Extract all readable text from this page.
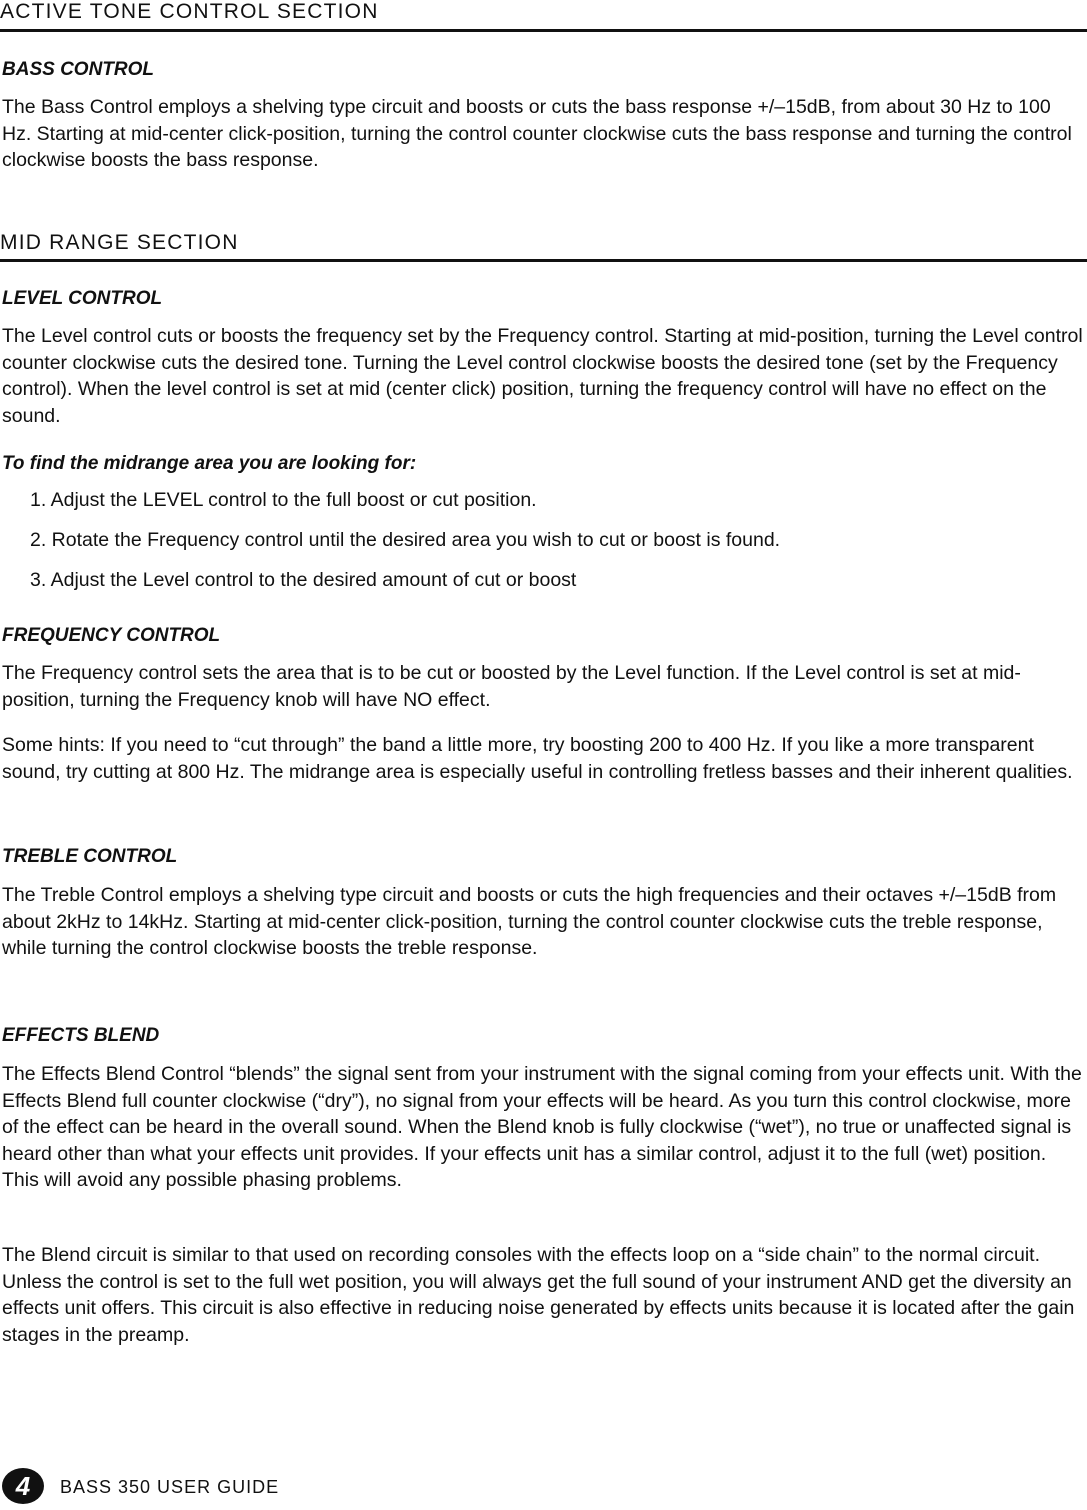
ACTIVE TONE CONTROL SECTION
BASS CONTROL

The Bass Control employs a shelving type circuit and boosts or cuts the bass response +/–15dB, from about 30 Hz to 100 Hz. Starting at mid-center click-position, turning the control counter clockwise cuts the bass response and turning the control clockwise boosts the bass response.

MID RANGE SECTION
LEVEL CONTROL

The Level control cuts or boosts the frequency set by the Frequency control. Starting at mid-position, turning the Level control counter clockwise cuts the desired tone. Turning the Level control clockwise boosts the desired tone (set by the Frequency control). When the level control is set at mid (center click) position, turning the frequency control will have no effect on the sound.

To find the midrange area you are looking for:
1. Adjust the LEVEL control to the full boost or cut position.
2. Rotate the Frequency control until the desired area you wish to cut or boost is found.
3. Adjust the Level control to the desired amount of cut or boost
FREQUENCY CONTROL

The Frequency control sets the area that is to be cut or boosted by the Level function. If the Level control is set at mid-position, turning the Frequency knob will have NO effect.

Some hints: If you need to “cut through” the band a little more, try boosting 200 to 400 Hz. If you like a more transparent sound, try cutting at 800 Hz. The midrange area is especially useful in controlling fretless basses and their inherent qualities.

TREBLE CONTROL

The Treble Control employs a shelving type circuit and boosts or cuts the high frequencies and their octaves +/–15dB from about 2kHz to 14kHz. Starting at mid-center click-position, turning the control counter clockwise cuts the treble response, while turning the control clockwise boosts the treble response.

EFFECTS BLEND

The Effects Blend Control “blends” the signal sent from your instrument with the signal coming from your effects unit. With the Effects Blend full counter clockwise (“dry”), no signal from your effects will be heard. As you turn this control clockwise, more of the effect can be heard in the overall sound. When the Blend knob is fully clockwise (“wet”), no true or unaffected signal is heard other than what your effects unit provides. If your effects unit has a similar control, adjust it to the full (wet) position. This will avoid any possible phasing problems.

The Blend circuit is similar to that used on recording consoles with the effects loop on a “side chain” to the normal circuit. Unless the control is set to the full wet position, you will always get the full sound of your instrument AND get the diversity an effects unit offers. This circuit is also effective in reducing noise generated by effects units because it is located after the gain stages in the preamp.

4	BASS 350 USER GUIDE
